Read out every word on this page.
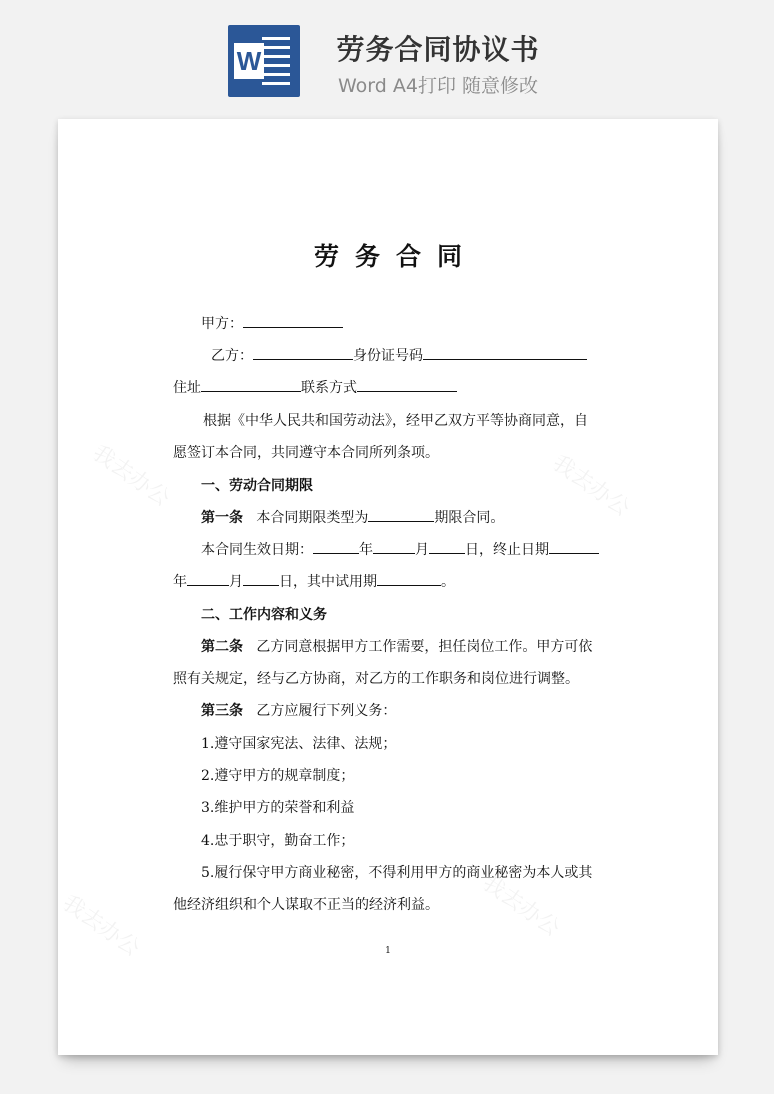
W	劳务合同协议书
Word A4打印 随意修改
我去办公	我去办公
我去办公
我去办公
劳务合同
甲方：
乙方：	身份证号码
住址	联系方式
根据《中华人民共和国劳动法》，经甲乙双方平等协商同意，自
愿签订本合同，共同遵守本合同所列条项。
一、劳动合同期限
第一条 本合同期限类型为	期限合同。
本合同生效日期：	年	月	日，终止日期
年	月	日，其中试用期	。
二、工作内容和义务
第二条 乙方同意根据甲方工作需要，担任岗位工作。甲方可依
照有关规定，经与乙方协商，对乙方的工作职务和岗位进行调整。
第三条 乙方应履行下列义务：
1.遵守国家宪法、法律、法规；
2.遵守甲方的规章制度；
3.维护甲方的荣誉和利益
4.忠于职守，勤奋工作；
5.履行保守甲方商业秘密，不得利用甲方的商业秘密为本人或其
他经济组织和个人谋取不正当的经济利益。
1
